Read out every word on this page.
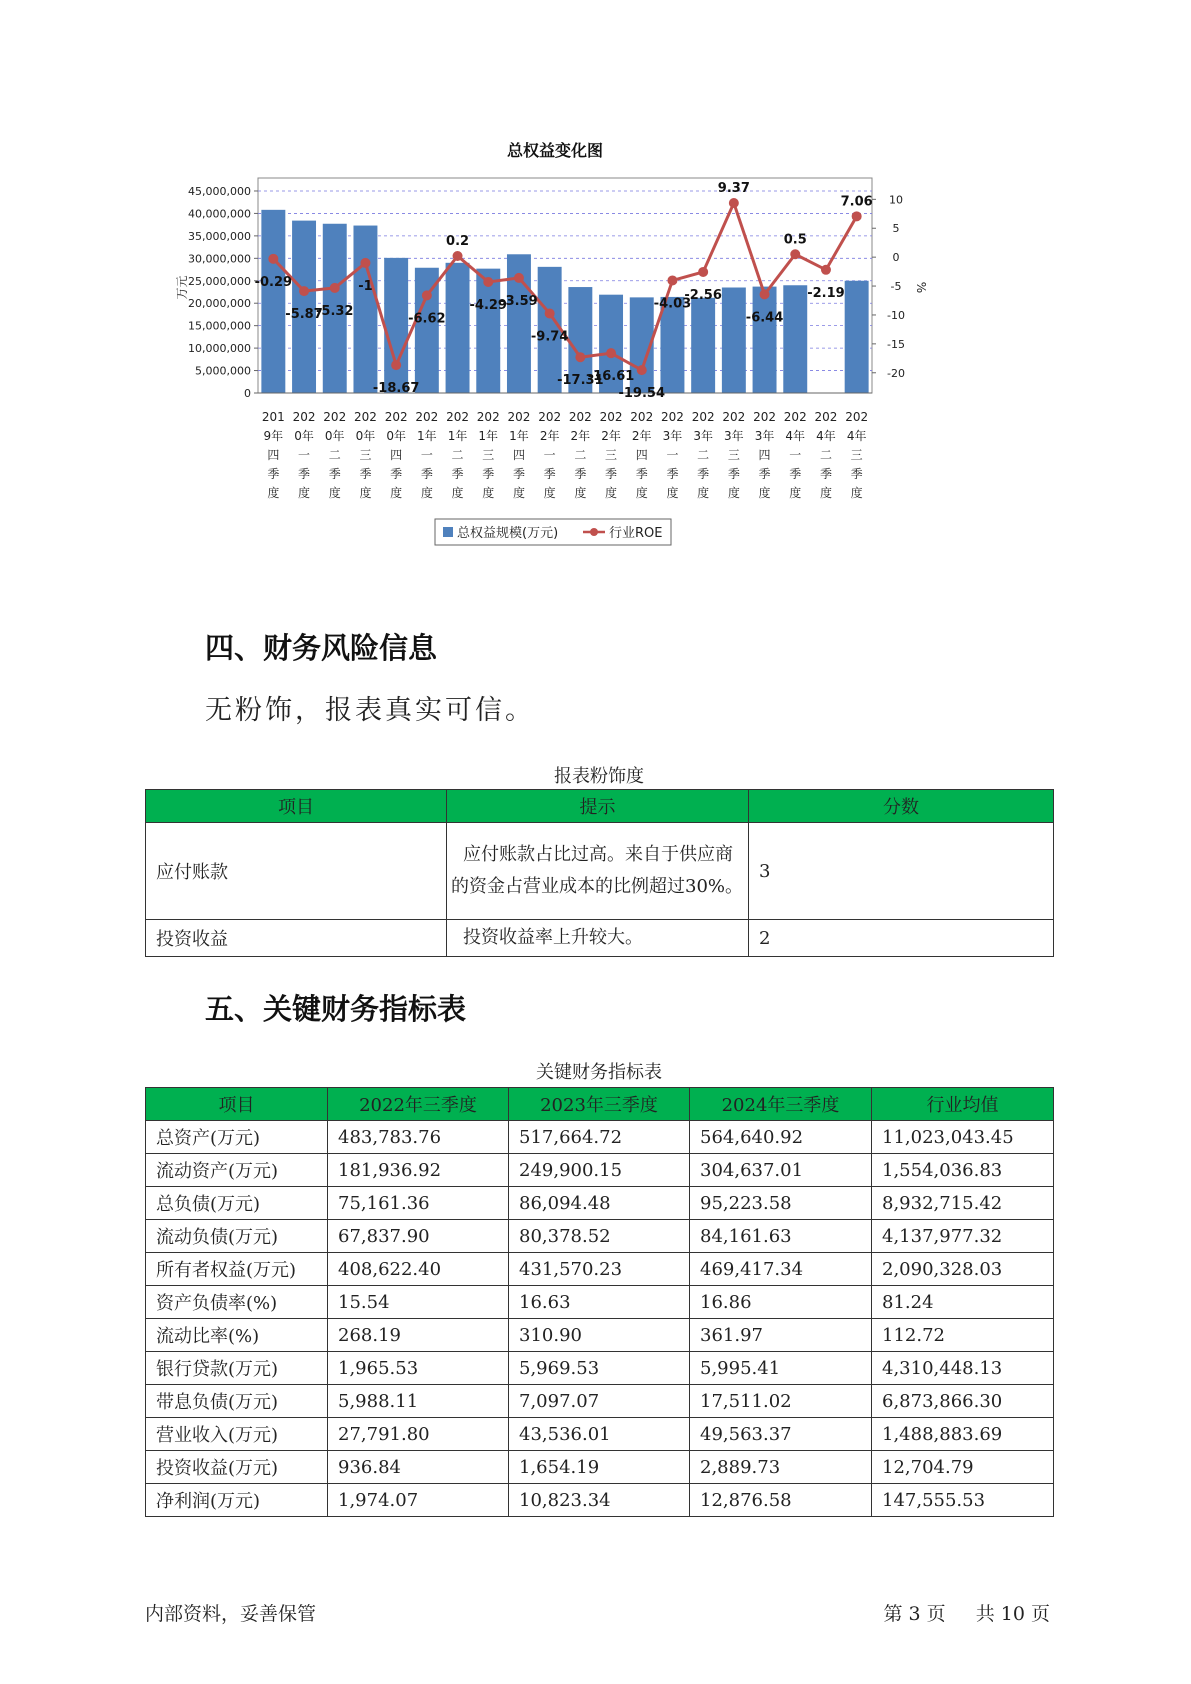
总权益变化图
0
5,000,000
10,000,000
15,000,000
20,000,000
25,000,000
30,000,000
35,000,000
40,000,000
45,000,000
-20
-15
-10
-5
0
5
10
万元	%
201
9年
四
季
度
202
0年
一
季
度
202
0年
二
季
度
202
0年
三
季
度
202
0年
四
季
度
202
1年
一
季
度
202
1年
二
季
度
202
1年
三
季
度
202
1年
四
季
度
202
2年
一
季
度
202
2年
二
季
度
202
2年
三
季
度
202
2年
四
季
度
202
3年
一
季
度
202
3年
二
季
度
202
3年
三
季
度
202
3年
四
季
度
202
4年
一
季
度
202
4年
二
季
度
202
4年
三
季
度
-0.29
-5.87
-5.32
-1
-18.67
-6.62
0.2
-4.29
-3.59
-9.74
-17.31
-16.61
-19.54
-4.03
-2.56
9.37
-6.44
0.5
-2.19
7.06
总权益规模(万元)	行业ROE
四、财务风险信息

无粉饰，报表真实可信。

报表粉饰度
项目	提示	分数
应付账款	应付账款占比过高。来自于供应商的资金占营业成本的比例超过30%。	3
投资收益	投资收益率上升较大。	2
五、关键财务指标表
关键财务指标表
项目	2022年三季度	2023年三季度	2024年三季度	行业均值
总资产(万元)	483,783.76	517,664.72	564,640.92	11,023,043.45
流动资产(万元)	181,936.92	249,900.15	304,637.01	1,554,036.83
总负债(万元)	75,161.36	86,094.48	95,223.58	8,932,715.42
流动负债(万元)	67,837.90	80,378.52	84,161.63	4,137,977.32
所有者权益(万元)	408,622.40	431,570.23	469,417.34	2,090,328.03
资产负债率(%)	15.54	16.63	16.86	81.24
流动比率(%)	268.19	310.90	361.97	112.72
银行贷款(万元)	1,965.53	5,969.53	5,995.41	4,310,448.13
带息负债(万元)	5,988.11	7,097.07	17,511.02	6,873,866.30
营业收入(万元)	27,791.80	43,536.01	49,563.37	1,488,883.69
投资收益(万元)	936.84	1,654.19	2,889.73	12,704.79
净利润(万元)	1,974.07	10,823.34	12,876.58	147,555.53
内部资料，妥善保管	第 3 页 共 10 页
